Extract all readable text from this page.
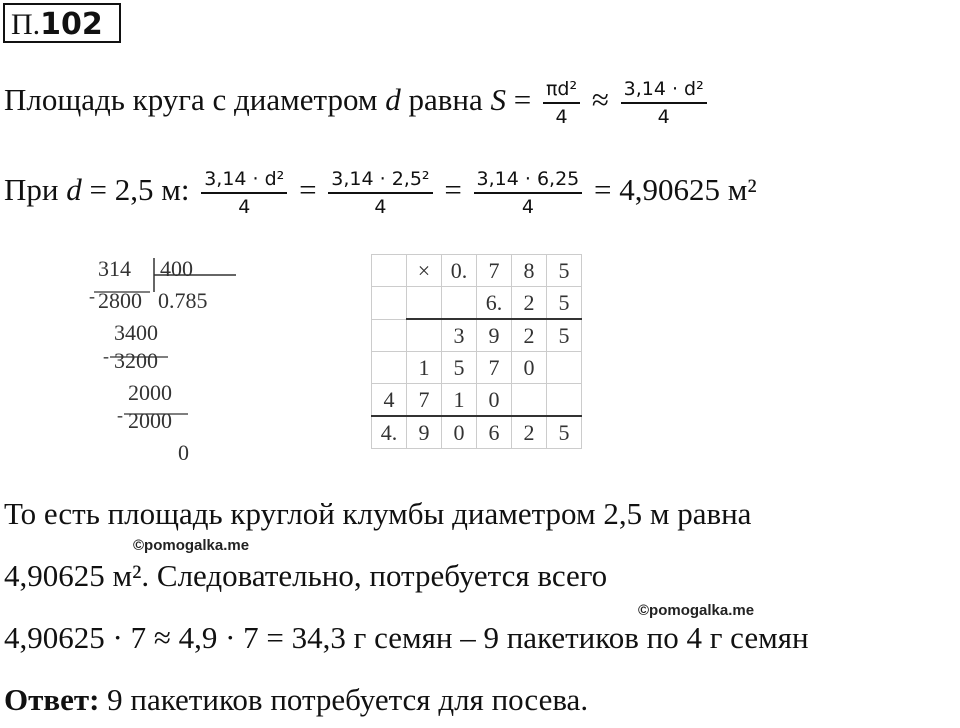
П.102
Площадь круга с диаметром d равна $S = \frac{\text{πd²}}{4} \approx \frac{\text{3,14 · d²}}{4}$
При d = 2,5 м: $\frac{\text{3,14 · d²}}{4} = \frac{\text{3,14 · 2,5²}}{4} = \frac{3,14 \cdot 6,25}{4} = 4,90625$ м²
-
-
-
314 400
2800 0.785
3400
3200
2000
2000
0
	×	0.	7	8	5
			6.	2	5
		3	9	2	5
	1	5	7	0	
4	7	1	0		
4.	9	0	6	2	5
То есть площадь круглой клумбы диаметром 2,5 м равна
©pomogalka.me
4,90625 м². Следовательно, потребуется всего
©pomogalka.me
4,90625 · 7 ≈ 4,9 · 7 = 34,3 г семян – 9 пакетиков по 4 г семян
Ответ: 9 пакетиков потребуется для посева.
